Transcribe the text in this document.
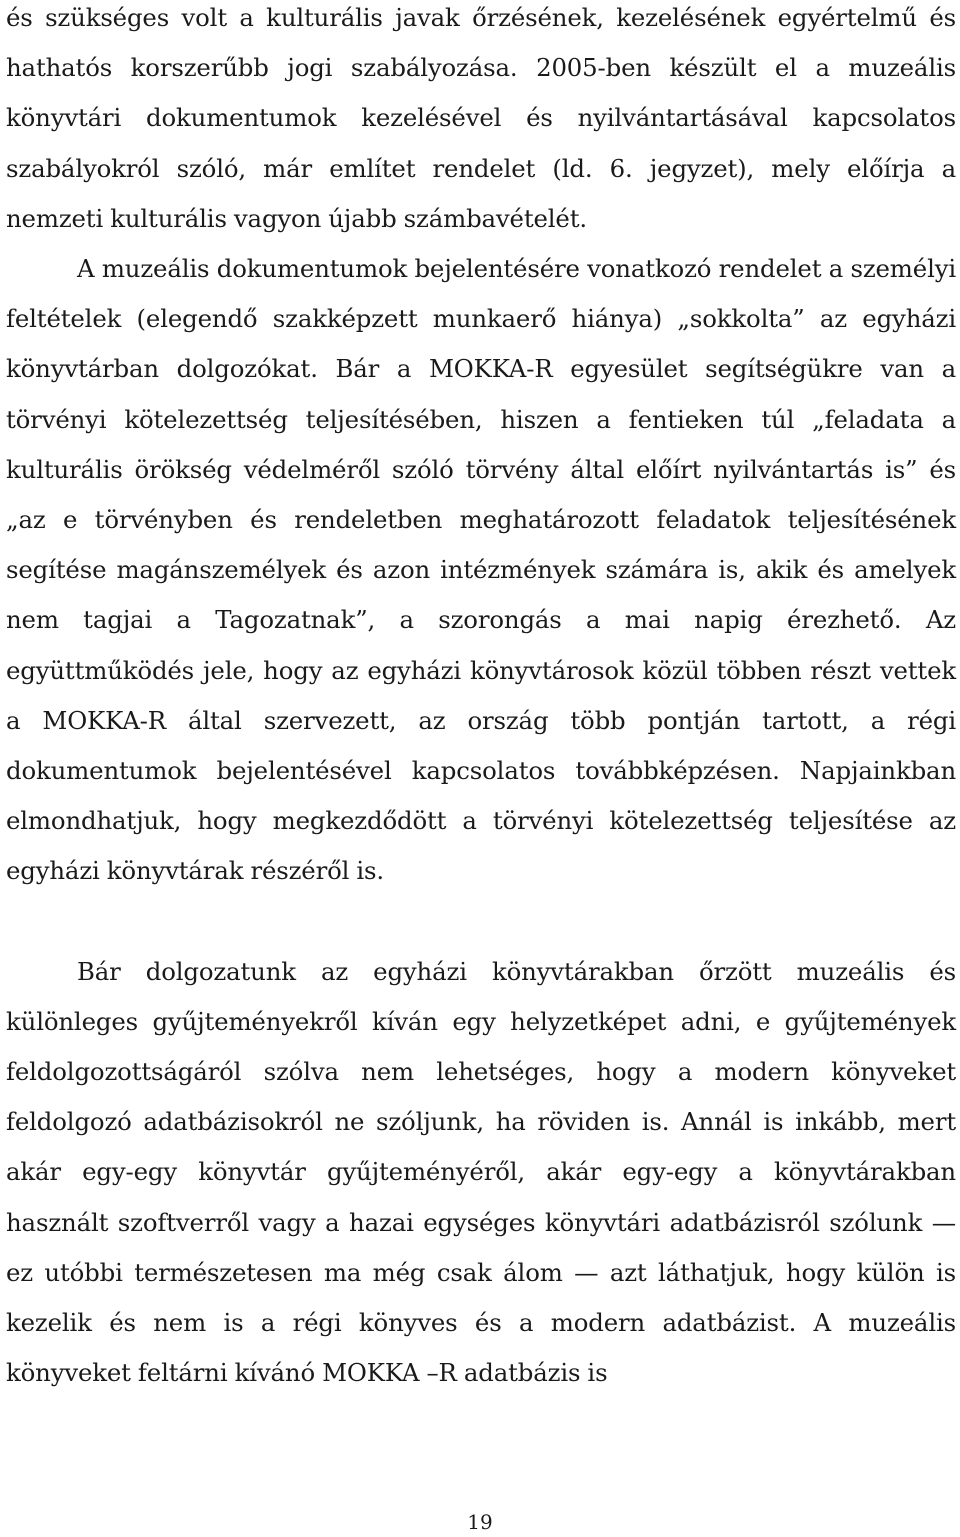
és szükséges volt a kulturális javak őrzésének, kezelésének egyértelmű és hathatós korszerűbb jogi szabályozása. 2005-ben készült el a muzeális könyvtári dokumentumok kezelésével és nyilvántartásával kapcsolatos szabályokról szóló, már említet rendelet (ld. 6. jegyzet), mely előírja a nemzeti kulturális vagyon újabb számbavételét.

A muzeális dokumentumok bejelentésére vonatkozó rendelet a személyi feltételek (elegendő szakképzett munkaerő hiánya) „sokkolta” az egyházi könyvtárban dolgozókat. Bár a MOKKA-R egyesület segítségükre van a törvényi kötelezettség teljesítésében, hiszen a fentieken túl „feladata a kulturális örökség védelméről szóló törvény által előírt nyilvántartás is” és „az e törvényben és rendeletben meghatározott feladatok teljesítésének segítése magánszemélyek és azon intézmények számára is, akik és amelyek nem tagjai a Tagozatnak”, a szorongás a mai napig érezhető. Az együttműködés jele, hogy az egyházi könyvtárosok közül többen részt vettek a MOKKA-R által szervezett, az ország több pontján tartott, a régi dokumentumok bejelentésével kapcsolatos továbbképzésen. Napjainkban elmondhatjuk, hogy megkezdődött a törvényi kötelezettség teljesítése az egyházi könyvtárak részéről is.

Bár dolgozatunk az egyházi könyvtárakban őrzött muzeális és különleges gyűjteményekről kíván egy helyzetképet adni, e gyűjtemények feldolgozottságáról szólva nem lehetséges, hogy a modern könyveket feldolgozó adatbázisokról ne szóljunk, ha röviden is. Annál is inkább, mert akár egy-egy könyvtár gyűjteményéről, akár egy-egy a könyvtárakban használt szoftverről vagy a hazai egységes könyvtári adatbázisról szólunk — ez utóbbi természetesen ma még csak álom — azt láthatjuk, hogy külön is kezelik és nem is a régi könyves és a modern adatbázist. A muzeális könyveket feltárni kívánó MOKKA –R adatbázis is

19
